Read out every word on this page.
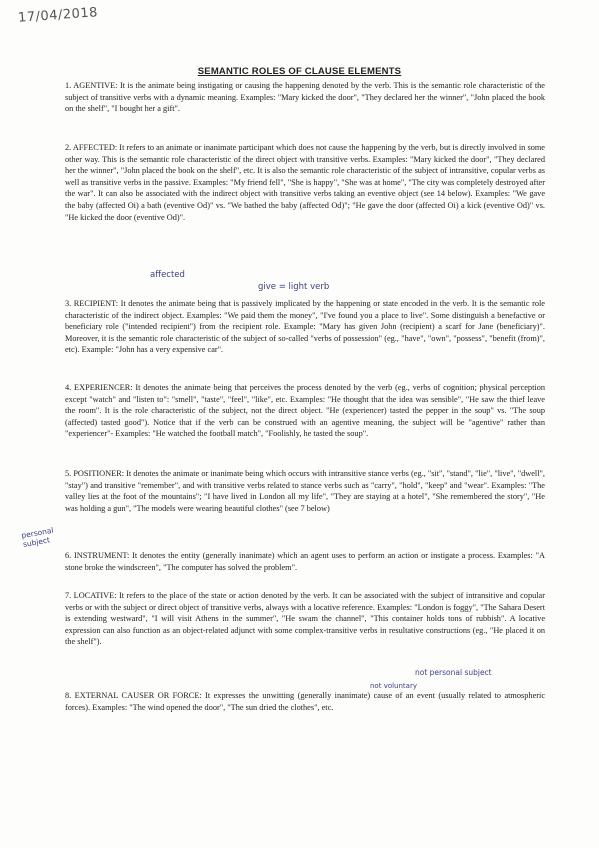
17/04/2018
SEMANTIC ROLES OF CLAUSE ELEMENTS

1. AGENTIVE: It is the animate being instigating or causing the happening denoted by the verb. This is the semantic role characteristic of the subject of transitive verbs with a dynamic meaning. Examples: "Mary kicked the door", "They declared her the winner", "John placed the book on the shelf", "I bought her a gift".

2. AFFECTED: It refers to an animate or inanimate participant which does not cause the happening by the verb, but is directly involved in some other way. This is the semantic role characteristic of the direct object with transitive verbs. Examples: "Mary kicked the door", "They declared her the winner", "John placed the book on the shelf", etc. It is also the semantic role characteristic of the subject of intransitive, copular verbs as well as transitive verbs in the passive. Examples: "My friend fell", "She is happy", "She was at home", "The city was completely destroyed after the war". It can also be associated with the indirect object with transitive verbs taking an eventive object (see 14 below). Examples: "We gave the baby (affected Oi) a bath (eventive Od)" vs. "We bathed the baby (affected Od)"; "He gave the door (affected Oi) a kick (eventive Od)" vs. "He kicked the door (eventive Od)".

affected
give = light verb

3. RECIPIENT: It denotes the animate being that is passively implicated by the happening or state encoded in the verb. It is the semantic role characteristic of the indirect object. Examples: "We paid them the money", "I've found you a place to live". Some distinguish a benefactive or beneficiary role ("intended recipient") from the recipient role. Example: "Mary has given John (recipient) a scarf for Jane (beneficiary)". Moreover, it is the semantic role characteristic of the subject of so-called "verbs of possession" (eg., "have", "own", "possess", "benefit (from)", etc). Example: "John has a very expensive car".

4. EXPERIENCER: It denotes the animate being that perceives the process denoted by the verb (eg., verbs of cognition; physical perception except "watch" and "listen to": "smell", "taste", "feel", "like", etc. Examples: "He thought that the idea was sensible", "He saw the thief leave the room". It is the role characteristic of the subject, not the direct object. "He (experiencer) tasted the pepper in the soup" vs. "The soup (affected) tasted good"). Notice that if the verb can be construed with an agentive meaning, the subject will be "agentive" rather than "experiencer"- Examples: "He watched the football match", "Foolishly, he tasted the soup".

5. POSITIONER: It denotes the animate or inanimate being which occurs with intransitive stance verbs (eg., "sit", "stand", "lie", "live", "dwell", "stay") and transitive "remember", and with transitive verbs related to stance verbs such as "carry", "hold", "keep" and "wear". Examples: "The valley lies at the foot of the mountains"; "I have lived in London all my life", "They are staying at a hotel", "She remembered the story", "He was holding a gun", "The models were wearing beautiful clothes" (see 7 below)

personal subject

6. INSTRUMENT: It denotes the entity (generally inanimate) which an agent uses to perform an action or instigate a process. Examples: "A stone broke the windscreen", "The computer has solved the problem".

7. LOCATIVE: It refers to the place of the state or action denoted by the verb. It can be associated with the subject of intransitive and copular verbs or with the subject or direct object of transitive verbs, always with a locative reference. Examples: "London is foggy", "The Sahara Desert is extending westward", "I will visit Athens in the summer", "He swam the channel", "This container holds tons of rubbish". A locative expression can also function as an object-related adjunct with some complex-transitive verbs in resultative constructions (eg., "He placed it on the shelf").

not personal subject
not voluntary

8. EXTERNAL CAUSER OR FORCE: It expresses the unwitting (generally inanimate) cause of an event (usually related to atmospheric forces). Examples: "The wind opened the door", "The sun dried the clothes", etc.
